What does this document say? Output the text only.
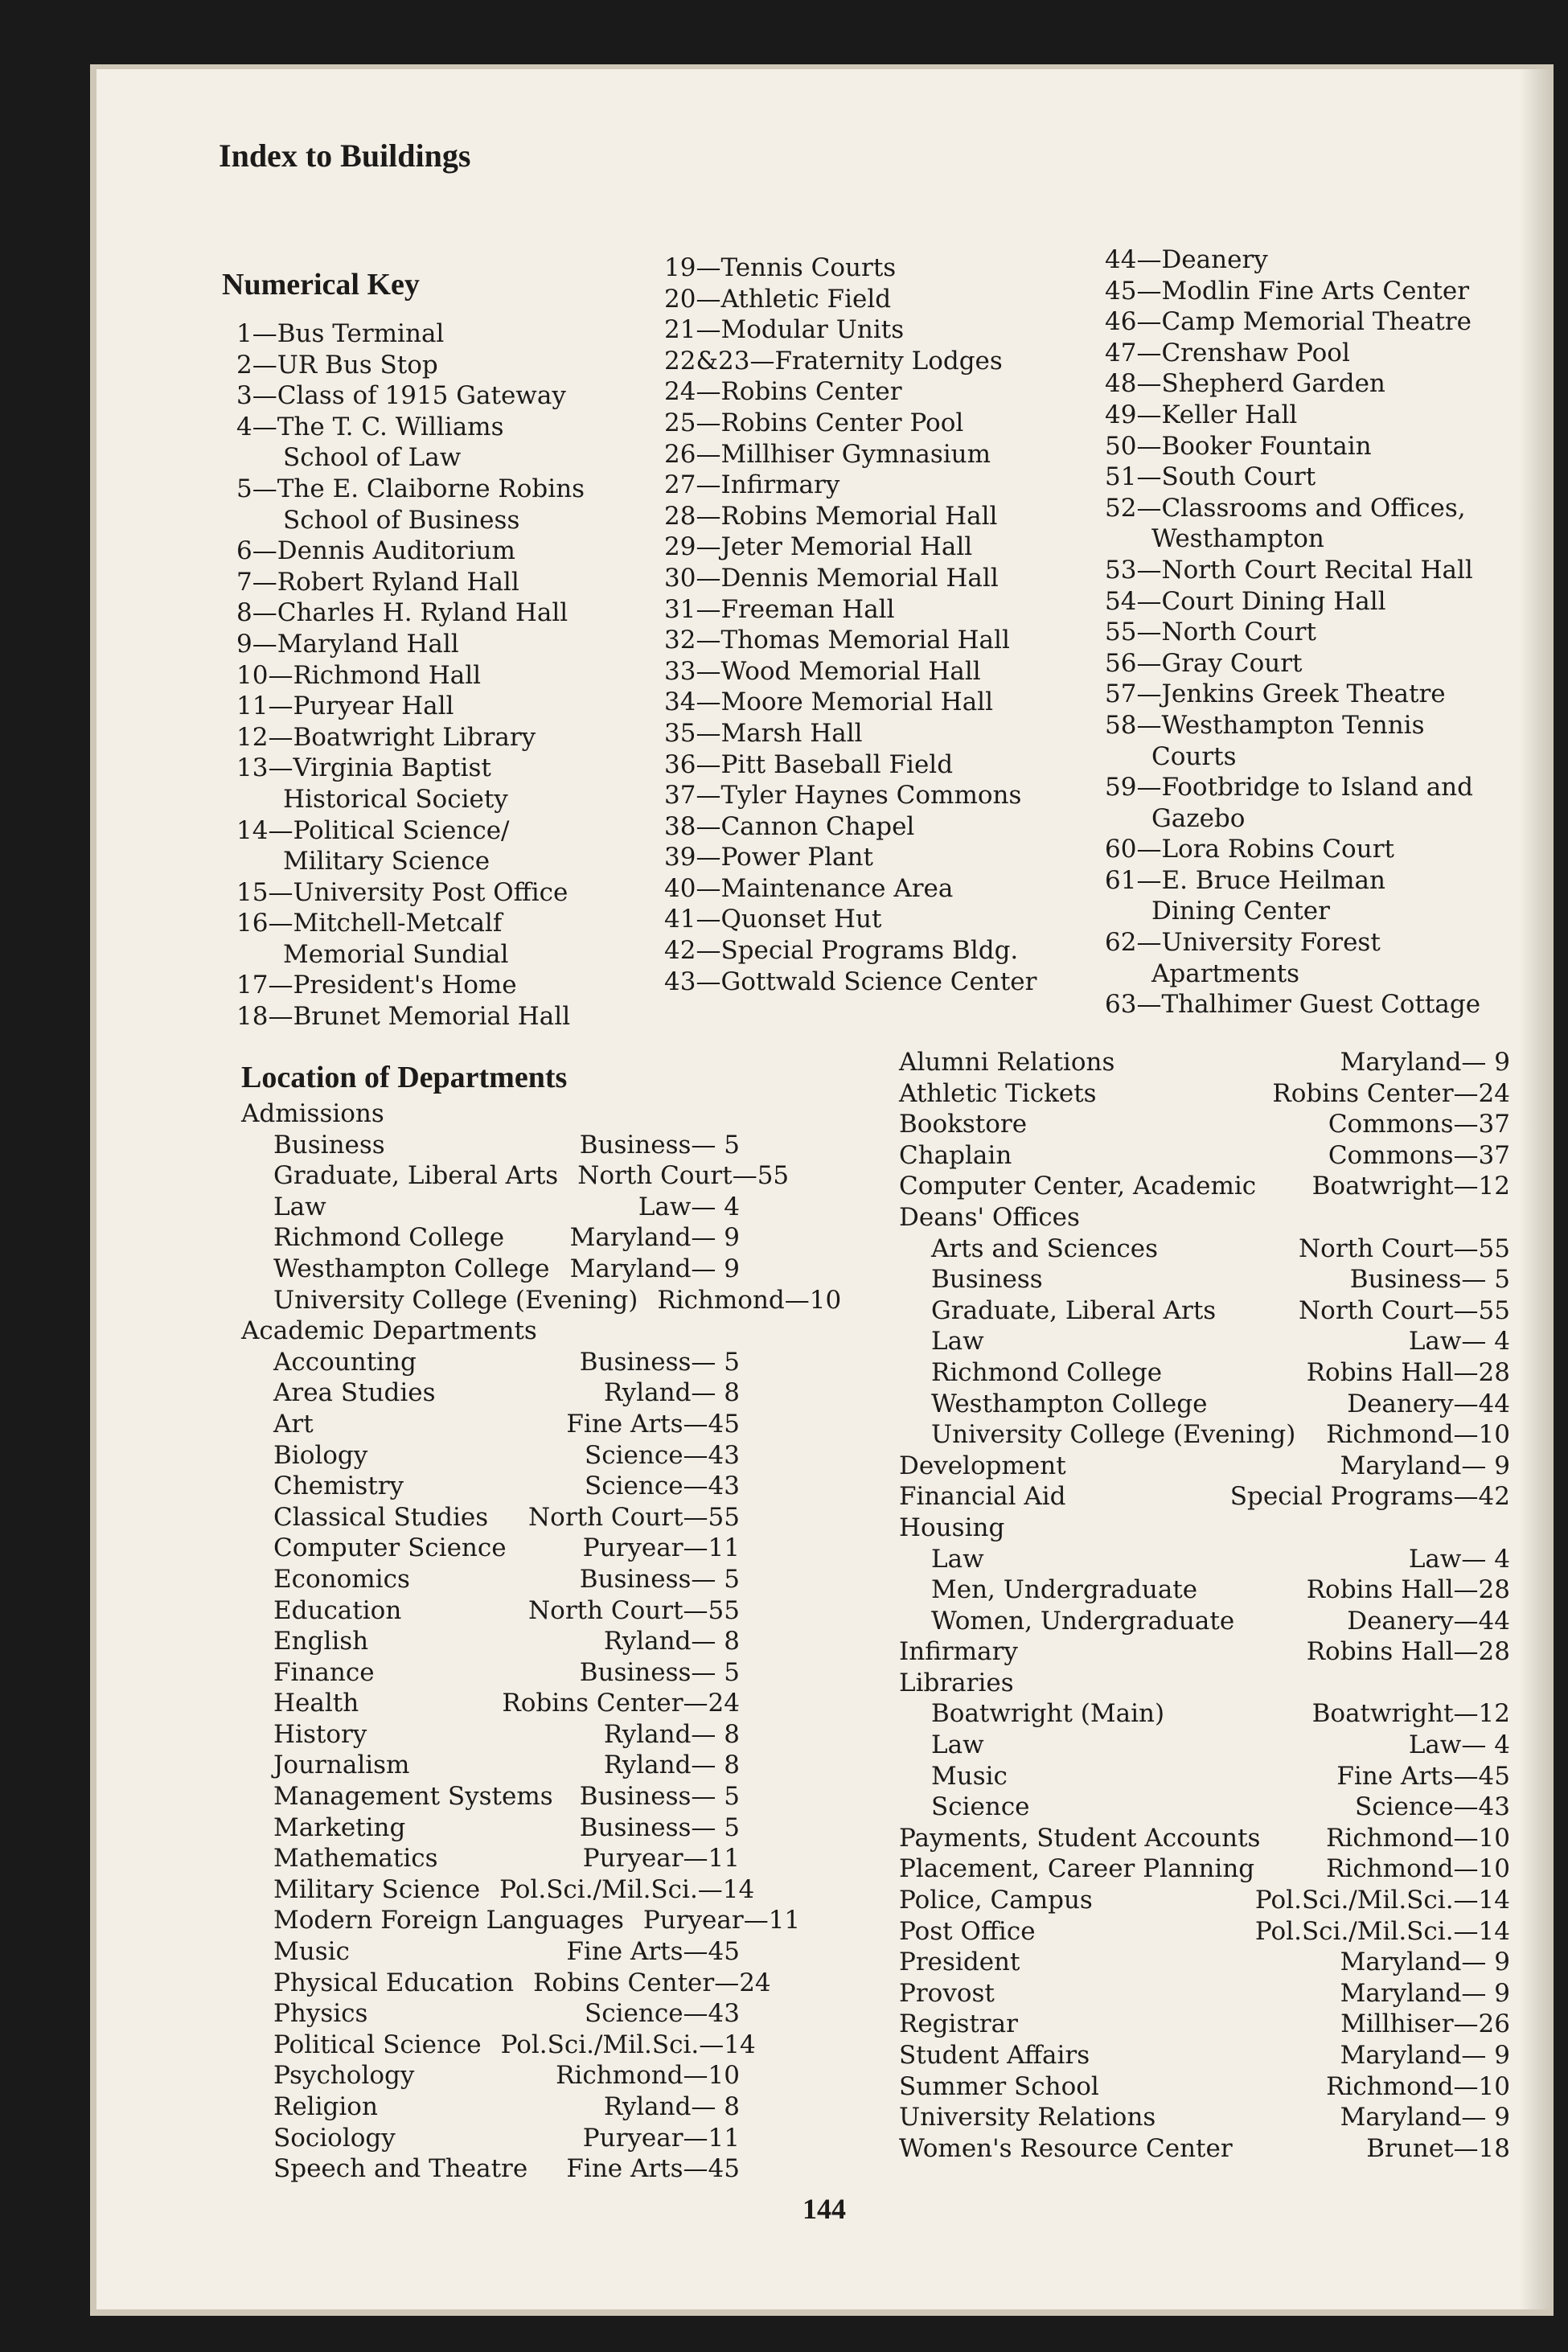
Index to Buildings
Numerical Key
1—Bus Terminal
2—UR Bus Stop
3—Class of 1915 Gateway
4—The T. C. Williams
School of Law
5—The E. Claiborne Robins
School of Business
6—Dennis Auditorium
7—Robert Ryland Hall
8—Charles H. Ryland Hall
9—Maryland Hall
10—Richmond Hall
11—Puryear Hall
12—Boatwright Library
13—Virginia Baptist
Historical Society
14—Political Science/
Military Science
15—University Post Office
16—Mitchell-Metcalf
Memorial Sundial
17—President's Home
18—Brunet Memorial Hall
19—Tennis Courts
20—Athletic Field
21—Modular Units
22&23—Fraternity Lodges
24—Robins Center
25—Robins Center Pool
26—Millhiser Gymnasium
27—Infirmary
28—Robins Memorial Hall
29—Jeter Memorial Hall
30—Dennis Memorial Hall
31—Freeman Hall
32—Thomas Memorial Hall
33—Wood Memorial Hall
34—Moore Memorial Hall
35—Marsh Hall
36—Pitt Baseball Field
37—Tyler Haynes Commons
38—Cannon Chapel
39—Power Plant
40—Maintenance Area
41—Quonset Hut
42—Special Programs Bldg.
43—Gottwald Science Center
44—Deanery
45—Modlin Fine Arts Center
46—Camp Memorial Theatre
47—Crenshaw Pool
48—Shepherd Garden
49—Keller Hall
50—Booker Fountain
51—South Court
52—Classrooms and Offices,
Westhampton
53—North Court Recital Hall
54—Court Dining Hall
55—North Court
56—Gray Court
57—Jenkins Greek Theatre
58—Westhampton Tennis
Courts
59—Footbridge to Island and
Gazebo
60—Lora Robins Court
61—E. Bruce Heilman
Dining Center
62—University Forest
Apartments
63—Thalhimer Guest Cottage
Location of Departments
Admissions
Business	Business— 5
Graduate, Liberal Arts North Court—55
Law	Law— 4
Richmond College	Maryland— 9
Westhampton College Maryland— 9
University College (Evening) Richmond—10
Academic Departments
Accounting	Business— 5
Area Studies	Ryland— 8
Art	Fine Arts—45
Biology	Science—43
Chemistry	Science—43
Classical Studies	North Court—55
Computer Science	Puryear—11
Economics	Business— 5
Education	North Court—55
English	Ryland— 8
Finance	Business— 5
Health	Robins Center—24
History	Ryland— 8
Journalism	Ryland— 8
Management Systems	Business— 5
Marketing	Business— 5
Mathematics	Puryear—11
Military Science Pol.Sci./Mil.Sci.—14
Modern Foreign Languages Puryear—11
Music	Fine Arts—45
Physical Education Robins Center—24
Physics	Science—43
Political Science Pol.Sci./Mil.Sci.—14
Psychology	Richmond—10
Religion	Ryland— 8
Sociology	Puryear—11
Speech and Theatre	Fine Arts—45
Alumni Relations	Maryland— 9
Athletic Tickets	Robins Center—24
Bookstore	Commons—37
Chaplain	Commons—37
Computer Center, Academic	Boatwright—12
Deans' Offices
Arts and Sciences	North Court—55
Business	Business— 5
Graduate, Liberal Arts	North Court—55
Law	Law— 4
Richmond College	Robins Hall—28
Westhampton College	Deanery—44
University College (Evening)	Richmond—10
Development	Maryland— 9
Financial Aid	Special Programs—42
Housing
Law	Law— 4
Men, Undergraduate	Robins Hall—28
Women, Undergraduate	Deanery—44
Infirmary	Robins Hall—28
Libraries
Boatwright (Main)	Boatwright—12
Law	Law— 4
Music	Fine Arts—45
Science	Science—43
Payments, Student Accounts	Richmond—10
Placement, Career Planning	Richmond—10
Police, Campus	Pol.Sci./Mil.Sci.—14
Post Office	Pol.Sci./Mil.Sci.—14
President	Maryland— 9
Provost	Maryland— 9
Registrar	Millhiser—26
Student Affairs	Maryland— 9
Summer School	Richmond—10
University Relations	Maryland— 9
Women's Resource Center	Brunet—18
144
